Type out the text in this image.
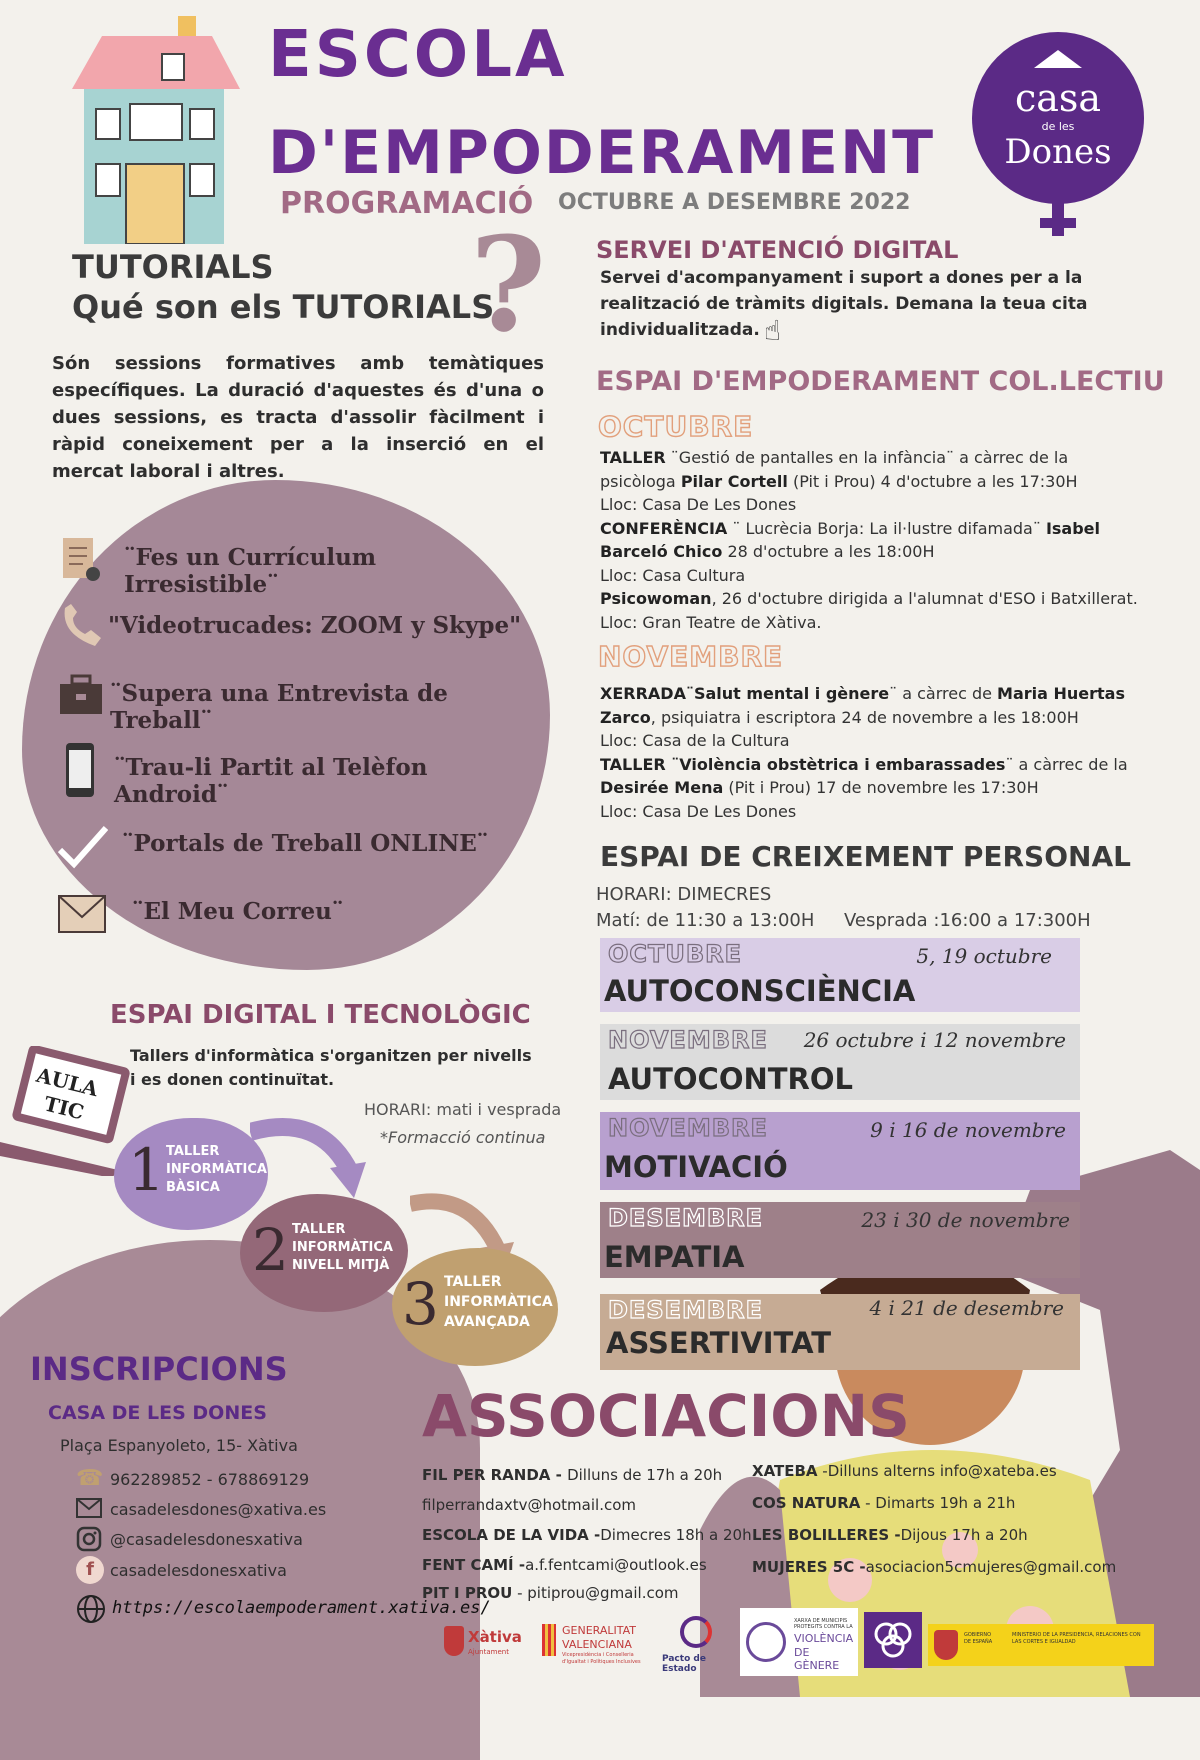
ESCOLA
D'EMPODERAMENT
PROGRAMACIÓ OCTUBRE A DESEMBRE 2022
casa
de les
Dones
TUTORIALS
Qué son els TUTORIALS
?
Són sessions formatives amb temàtiques específiques. La duració d'aquestes és d'una o dues sessions, es tracta d'assolir fàcilment i ràpid coneixement per a la inserció en el mercat laboral i altres.
¨Fes un Currículum Irresistible¨
"Videotrucades: ZOOM y Skype"
¨Supera una Entrevista de Treball¨
¨Trau-li Partit al Telèfon Android¨
¨Portals de Treball ONLINE¨
¨El Meu Correu¨
ESPAI DIGITAL I TECNOLÒGIC
Tallers d'informàtica s'organitzen per nivells
i es donen continuïtat.
HORARI: mati i vesprada
*Formacció continua
AULA
TIC
1 TALLER
INFORMÀTICA
BÀSICA
2 TALLER
INFORMÀTICA
NIVELL MITJÀ
3 TALLER
INFORMÀTICA
AVANÇADA
SERVEI D'ATENCIÓ DIGITAL
Servei d'acompanyament i suport a dones per a la
realització de tràmits digitals. Demana la teua cita
individualitzada. ☝
ESPAI D'EMPODERAMENT COL.LECTIU
OCTUBRE
TALLER ¨Gestió de pantalles en la infància¨ a càrrec de la
psicòloga Pilar Cortell (Pit i Prou) 4 d'octubre a les 17:30H
Lloc: Casa De Les Dones
CONFERÈNCIA ¨ Lucrècia Borja: La il·lustre difamada¨ Isabel
Barceló Chico 28 d'octubre a les 18:00H
Lloc: Casa Cultura
Psicowoman, 26 d'octubre dirigida a l'alumnat d'ESO i Batxillerat.
Lloc: Gran Teatre de Xàtiva.
NOVEMBRE
XERRADA¨Salut mental i gènere¨ a càrrec de Maria Huertas
Zarco, psiquiatra i escriptora 24 de novembre a les 18:00H
Lloc: Casa de la Cultura
TALLER ¨Violència obstètrica i embarassades¨ a càrrec de la
Desirée Mena (Pit i Prou) 17 de novembre les 17:30H
Lloc: Casa De Les Dones
ESPAI DE CREIXEMENT PERSONAL
HORARI: DIMECRES
Matí: de 11:30 a 13:00H Vesprada :16:00 a 17:300H
OCTUBRE	5, 19 octubre
AUTOCONSCIÈNCIA
NOVEMBRE 26 octubre i 12 novembre
AUTOCONTROL
NOVEMBRE	9 i 16 de novembre
MOTIVACIÓ
DESEMBRE	23 i 30 de novembre
EMPATIA
DESEMBRE	4 i 21 de desembre
ASSERTIVITAT
INSCRIPCIONS
CASA DE LES DONES
Plaça Espanyoleto, 15- Xàtiva
☎ 962289852 - 678869129
casadelesdones@xativa.es
@casadelesdonesxativa
f	casadelesdonesxativa
https://escolaempoderament.xativa.es/
ASSOCIACIONS
FIL PER RANDA - Dilluns de 17h a 20h
filperrandaxtv@hotmail.com
ESCOLA DE LA VIDA -Dimecres 18h a 20h
FENT CAMÍ -a.f.fentcami@outlook.es
PIT I PROU - pitiprou@gmail.com
XATEBA -Dilluns alterns info@xateba.es
COS NATURA - Dimarts 19h a 21h
LES BOLILLERES -Dijous 17h a 20h
MUJERES 5C -asociacion5cmujeres@gmail.com
Xàtiva
Ajuntament
GENERALITAT
VALENCIANA
Vicepresidència i Conselleria d'Igualtat i Polítiques Inclusives	Pacto de Estado
XARXA DE MUNICIPIS PROTEGITS CONTRA LA
VIOLÈNCIA
DE GÈNERE
GOBIERNO DE ESPAÑA
MINISTERIO DE LA PRESIDENCIA, RELACIONES CON LAS CORTES E IGUALDAD
